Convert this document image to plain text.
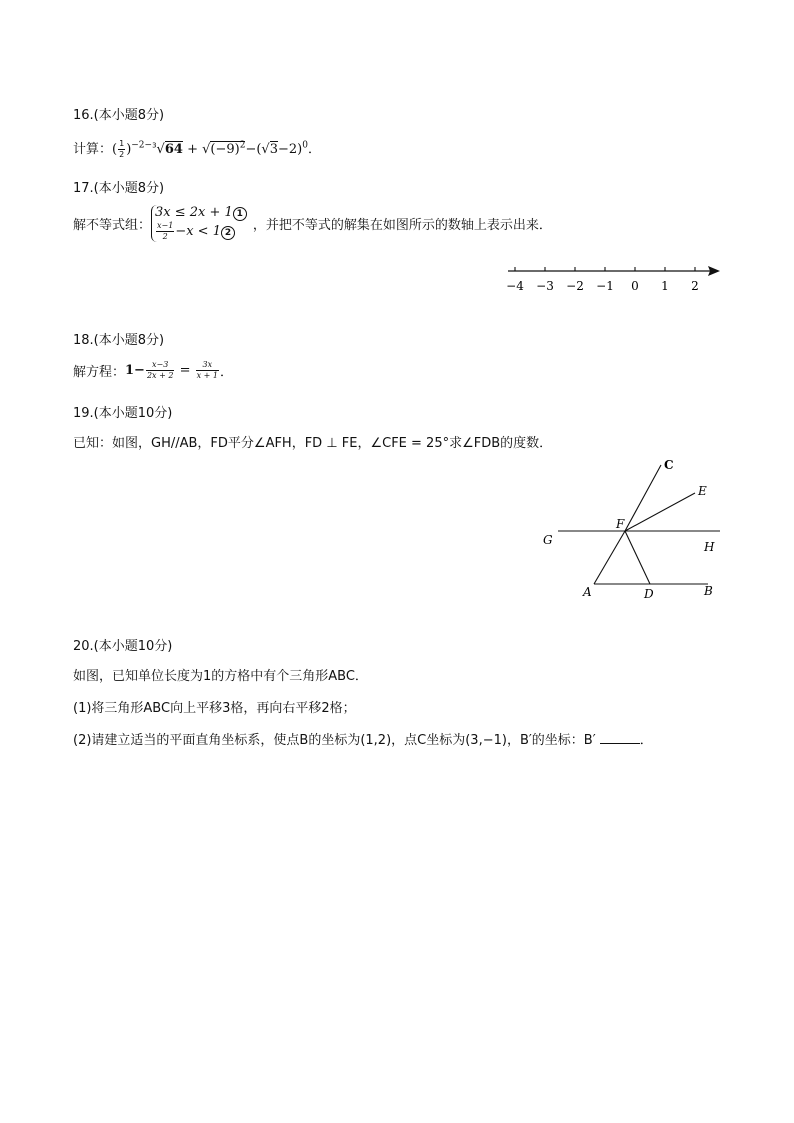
16.(本小题8分)
计算：( $\frac{1}{2} )^{-2-3}√64 + √(-9)^2-(√3-2)^0$．
17.(本小题8分)
解不等式组：
3x ≤ 2x + 1 1
$\frac{x-1}{2} -x < 1$ 2	，并把不等式的解集在如图所示的数轴上表示出来．
−4 −3 −2 −1 0 1 2
18.(本小题8分)
解方程：$1- \frac{x-3}{2x + 2} = \frac{3x}{x + 1}$ ．
19.(本小题10分)
已知：如图，GH//AB，FD平分∠AFH，FD ⊥ FE，∠CFE = 25°求∠FDB的度数．
C
E
F
G	H
A	D	B
20.(本小题10分)
如图，已知单位长度为1的方格中有个三角形ABC．
(1)将三角形ABC向上平移3格，再向右平移2格；
(2)请建立适当的平面直角坐标系，使点B的坐标为(1,2)，点C坐标为(3,−1)，B′的坐标：B′	．
